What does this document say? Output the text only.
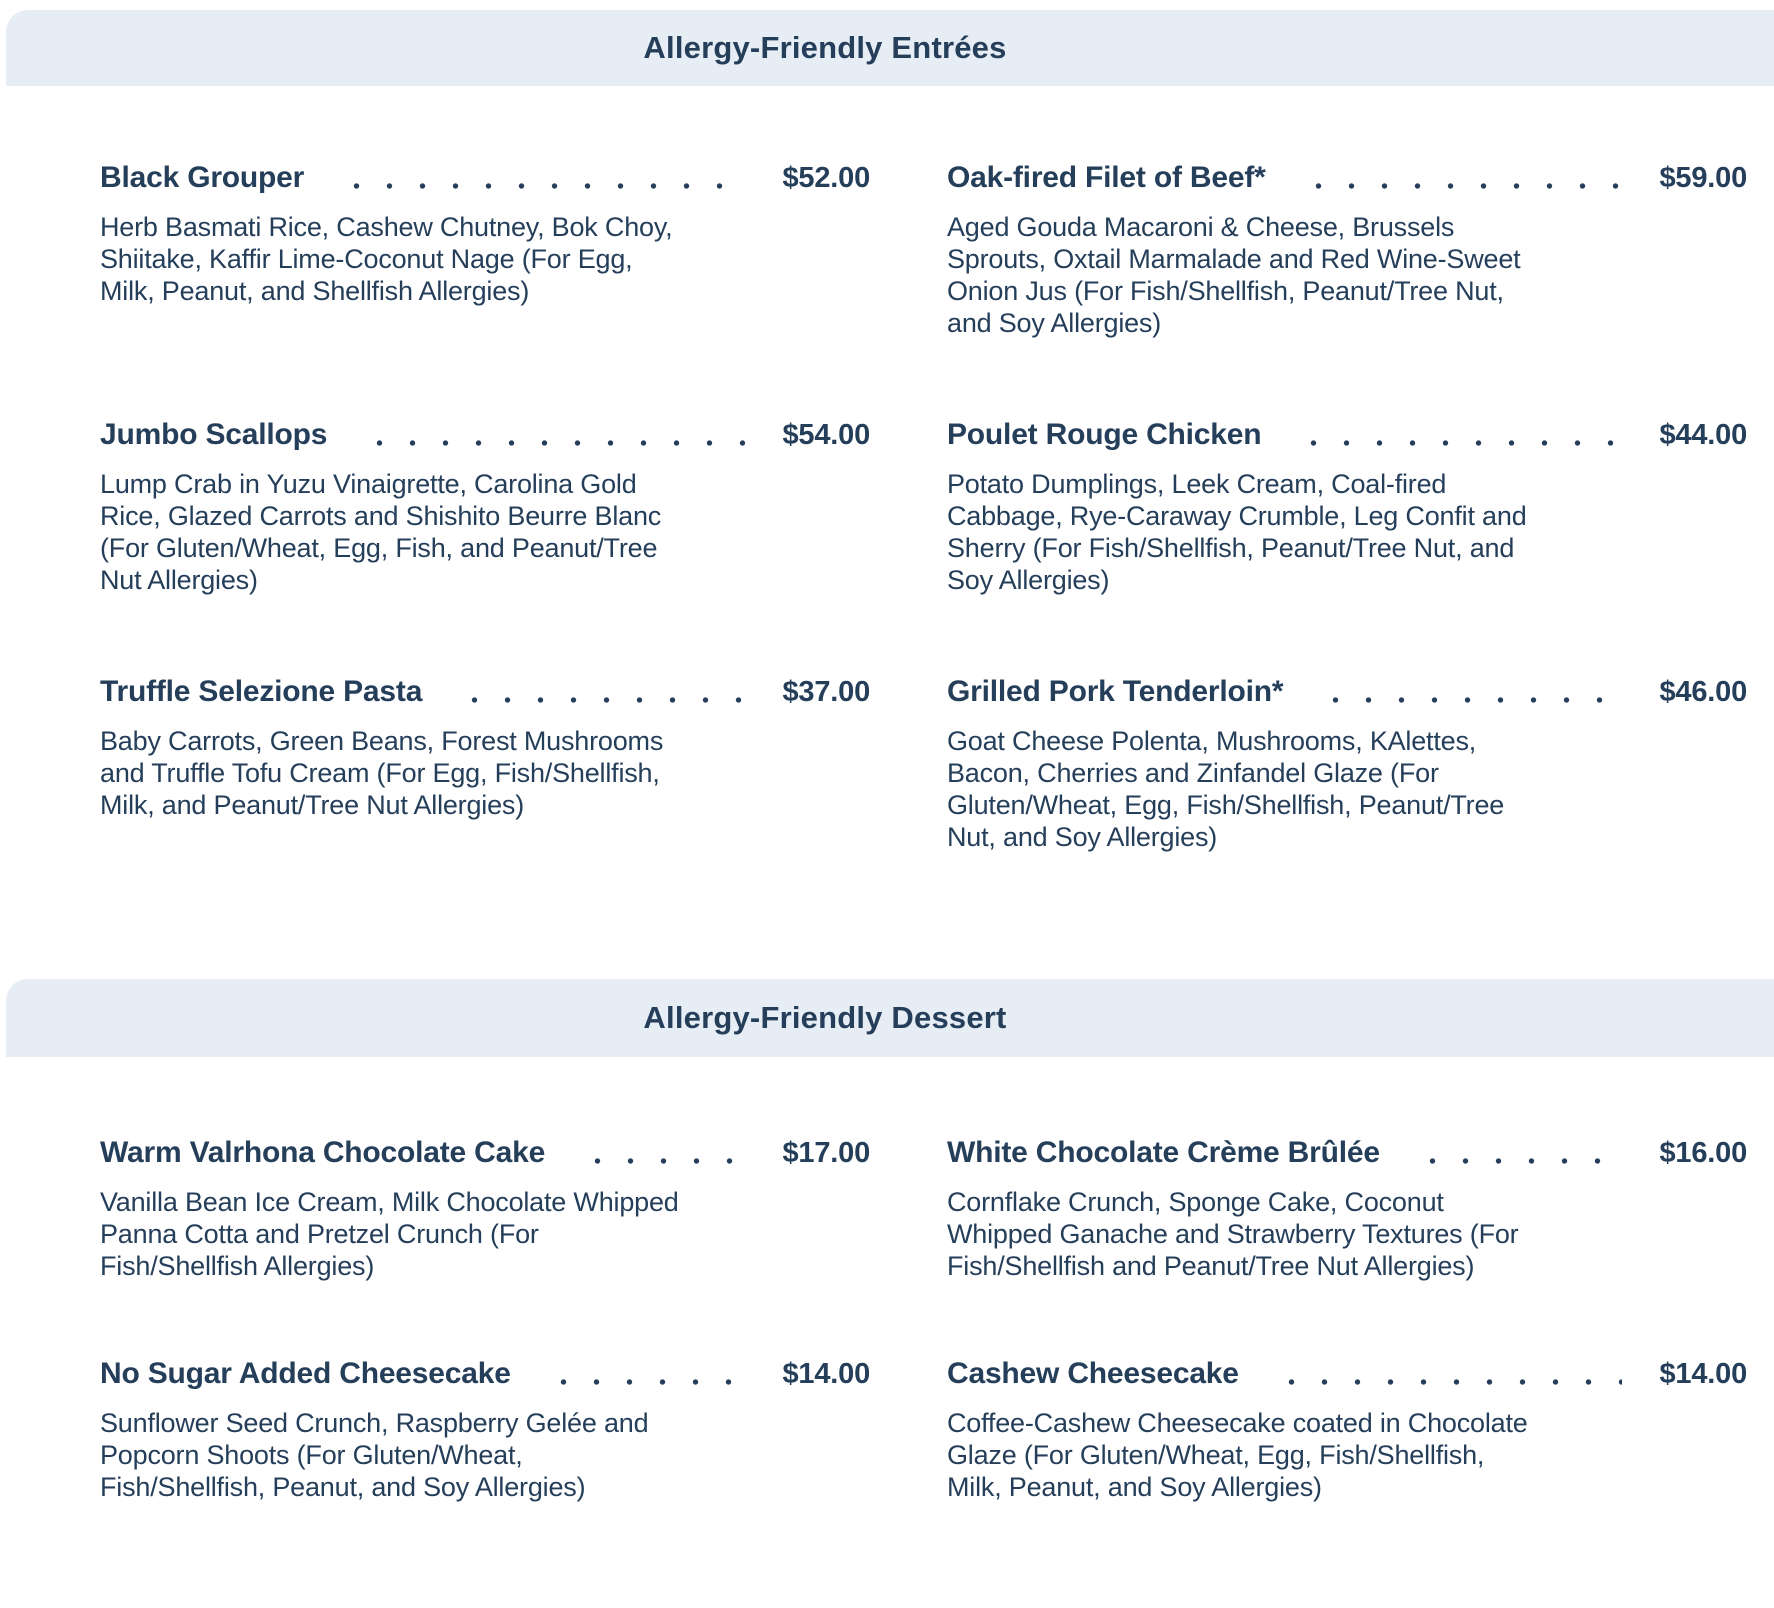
Allergy-Friendly Entrées
Black Grouper	$52.00

Herb Basmati Rice, Cashew Chutney, Bok Choy, Shiitake, Kaffir Lime-Coconut Nage (For Egg, Milk, Peanut, and Shellfish Allergies)

Oak-fired Filet of Beef*	$59.00

Aged Gouda Macaroni & Cheese, Brussels Sprouts, Oxtail Marmalade and Red Wine-Sweet Onion Jus (For Fish/Shellfish, Peanut/Tree Nut, and Soy Allergies)

Jumbo Scallops	$54.00

Lump Crab in Yuzu Vinaigrette, Carolina Gold Rice, Glazed Carrots and Shishito Beurre Blanc (For Gluten/Wheat, Egg, Fish, and Peanut/Tree Nut Allergies)

Poulet Rouge Chicken	$44.00

Potato Dumplings, Leek Cream, Coal-fired Cabbage, Rye-Caraway Crumble, Leg Confit and Sherry (For Fish/Shellfish, Peanut/Tree Nut, and Soy Allergies)

Truffle Selezione Pasta	$37.00

Baby Carrots, Green Beans, Forest Mushrooms and Truffle Tofu Cream (For Egg, Fish/Shellfish, Milk, and Peanut/Tree Nut Allergies)

Grilled Pork Tenderloin*	$46.00

Goat Cheese Polenta, Mushrooms, KAlettes, Bacon, Cherries and Zinfandel Glaze (For Gluten/Wheat, Egg, Fish/Shellfish, Peanut/Tree Nut, and Soy Allergies)

Allergy-Friendly Dessert
Warm Valrhona Chocolate Cake	$17.00

Vanilla Bean Ice Cream, Milk Chocolate Whipped Panna Cotta and Pretzel Crunch (For Fish/Shellfish Allergies)

White Chocolate Crème Brûlée	$16.00

Cornflake Crunch, Sponge Cake, Coconut Whipped Ganache and Strawberry Textures (For Fish/Shellfish and Peanut/Tree Nut Allergies)

No Sugar Added Cheesecake	$14.00

Sunflower Seed Crunch, Raspberry Gelée and Popcorn Shoots (For Gluten/Wheat, Fish/Shellfish, Peanut, and Soy Allergies)

Cashew Cheesecake	$14.00

Coffee-Cashew Cheesecake coated in Chocolate Glaze (For Gluten/Wheat, Egg, Fish/Shellfish, Milk, Peanut, and Soy Allergies)
